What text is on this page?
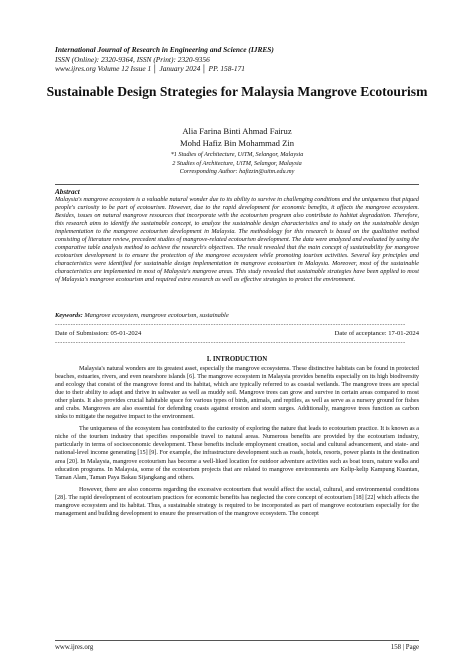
International Journal of Research in Engineering and Science (IJRES)
ISSN (Online): 2320-9364, ISSN (Print): 2320-9356
www.ijres.org Volume 12 Issue 1 │ January 2024 │ PP. 158-171
Sustainable Design Strategies for Malaysia Mangrove Ecotourism
Alia Farina Binti Ahmad Fairuz
Mohd Hafiz Bin Mohammad Zin
*1 Studies of Architecture, UiTM, Selangor, Malaysia
2 Studies of Architecture, UiTM, Selangor, Malaysia
Corresponding Author: hafizzin@uitm.edu.my
Abstract
Malaysia's mangrove ecosystem is a valuable natural wonder due to its ability to survive in challenging conditions and the uniqueness that piqued people's curiosity to be part of ecotourism. However, due to the rapid development for economic benefits, it affects the mangrove ecosystem. Besides, issues on natural mangrove resources that incorporate with the ecotourism program also contribute to habitat degradation. Therefore, this research aims to identify the sustainable concept, to analyze the sustainable design characteristics and to study on the sustainable design implementation to the mangrove ecotourism development in Malaysia. The methodology for this research is based on the qualitative method consisting of literature review, precedent studies of mangrove-related ecotourism development. The data were analyzed and evaluated by using the comparative table analysis method to achieve the research's objectives. The result revealed that the main concept of sustainability for mangrove ecotourism development is to ensure the protection of the mangrove ecosystem while promoting tourism activities. Several key principles and characteristics were identified for sustainable design implementation in mangrove ecotourism in Malaysia. Moreover, most of the sustainable characteristics are implemented in most of Malaysia's mangrove areas. This study revealed that sustainable strategies have been applied to most of Malaysia's mangrove ecotourism and required extra research as well as effective strategies to protect the environment.
Keywords: Mangrove ecosystem, mangrove ecotourism, sustainable
---------------------------------------------------------------------------------------------------------------------------------------
Date of Submission: 05-01-2024	Date of acceptance: 17-01-2024
---------------------------------------------------------------------------------------------------------------------------------------
I. INTRODUCTION

Malaysia's natural wonders are its greatest asset, especially the mangrove ecosystems. These distinctive habitats can be found in protected beaches, estuaries, rivers, and even nearshore islands [6]. The mangrove ecosystem in Malaysia provides benefits especially on its high biodiversity and ecology that consist of the mangrove forest and its habitat, which are typically referred to as coastal wetlands. The mangrove trees are special due to their ability to adapt and thrive in saltwater as well as muddy soil. Mangrove trees can grow and survive in certain areas compared to most other plants. It also provides crucial habitable space for various types of birds, animals, and reptiles, as well as serve as a nursery ground for fishes and crabs. Mangroves are also essential for defending coasts against erosion and storm surges. Additionally, mangrove trees function as carbon sinks to mitigate the negative impact to the environment.

The uniqueness of the ecosystem has contributed to the curiosity of exploring the nature that leads to ecotourism practice. It is known as a niche of the tourism industry that specifies responsible travel to natural areas. Numerous benefits are provided by the ecotourism industry, particularly in terms of socioeconomic development. These benefits include employment creation, social and cultural advancement, and state- and national-level income generating [15] [9]. For example, the infrastructure development such as roads, hotels, resorts, power plants in the destination area [20]. In Malaysia, mangrove ecotourism has become a well-liked location for outdoor adventure activities such as boat tours, nature walks and education programs. In Malaysia, some of the ecotourism projects that are related to mangrove environments are Kelip-kelip Kampung Kuantan, Taman Alam, Taman Paya Bakau Sijangkang and others.

However, there are also concerns regarding the excessive ecotourism that would affect the social, cultural, and environmental conditions [28]. The rapid development of ecotourism practices for economic benefits has neglected the core concept of ecotourism [18] [22] which affects the mangrove ecosystem and its habitat. Thus, a sustainable strategy is required to be incorporated as part of mangrove ecotourism especially for the management and building development to ensure the preservation of the mangrove ecosystem. The concept

www.ijres.org	158 | Page
